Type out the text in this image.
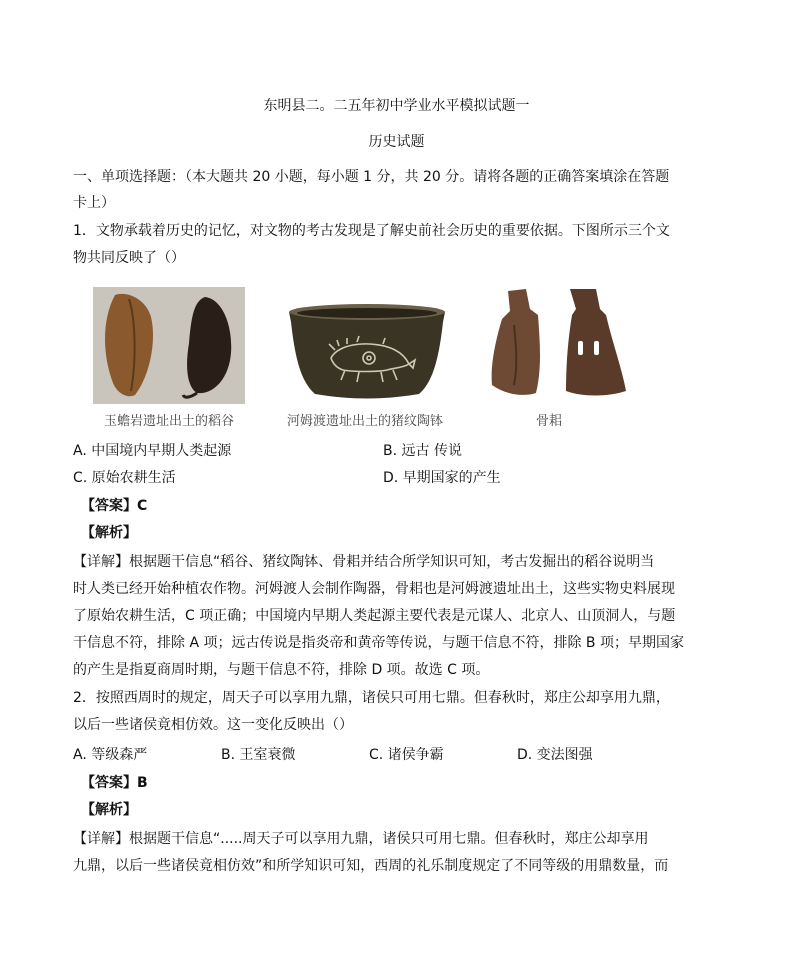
东明县二。二五年初中学业水平模拟试题一
历史试题
一、单项选择题：（本大题共 20 小题，每小题 1 分，共 20 分。请将各题的正确答案填涂在答题
卡上）
1．文物承载着历史的记忆，对文物的考古发现是了解史前社会历史的重要依据。下图所示三个文
物共同反映了（）
玉蟾岩遗址出土的稻谷	河姆渡遗址出土的猪纹陶钵	骨耜
A. 中国境内早期人类起源	B. 远古 传说
C. 原始农耕生活	D. 早期国家的产生
【答案】C
【解析】
【详解】根据题干信息“稻谷、猪纹陶钵、骨耜并结合所学知识可知，考古发掘出的稻谷说明当
时人类已经开始种植农作物。河姆渡人会制作陶器，骨耜也是河姆渡遗址出土，这些实物史料展现
了原始农耕生活，C 项正确；中国境内早期人类起源主要代表是元谋人、北京人、山顶洞人，与题
干信息不符，排除 A 项；远古传说是指炎帝和黄帝等传说，与题干信息不符，排除 B 项；早期国家
的产生是指夏商周时期，与题干信息不符，排除 D 项。故选 C 项。
2．按照西周时的规定，周天子可以享用九鼎，诸侯只可用七鼎。但春秋时，郑庄公却享用九鼎，
以后一些诸侯竟相仿效。这一变化反映出（）
A. 等级森严	B. 王室衰微	C. 诸侯争霸	D. 变法图强
【答案】B
【解析】
【详解】根据题干信息“.....周天子可以享用九鼎，诸侯只可用七鼎。但春秋时，郑庄公却享用
九鼎，以后一些诸侯竟相仿效”和所学知识可知，西周的礼乐制度规定了不同等级的用鼎数量，而
